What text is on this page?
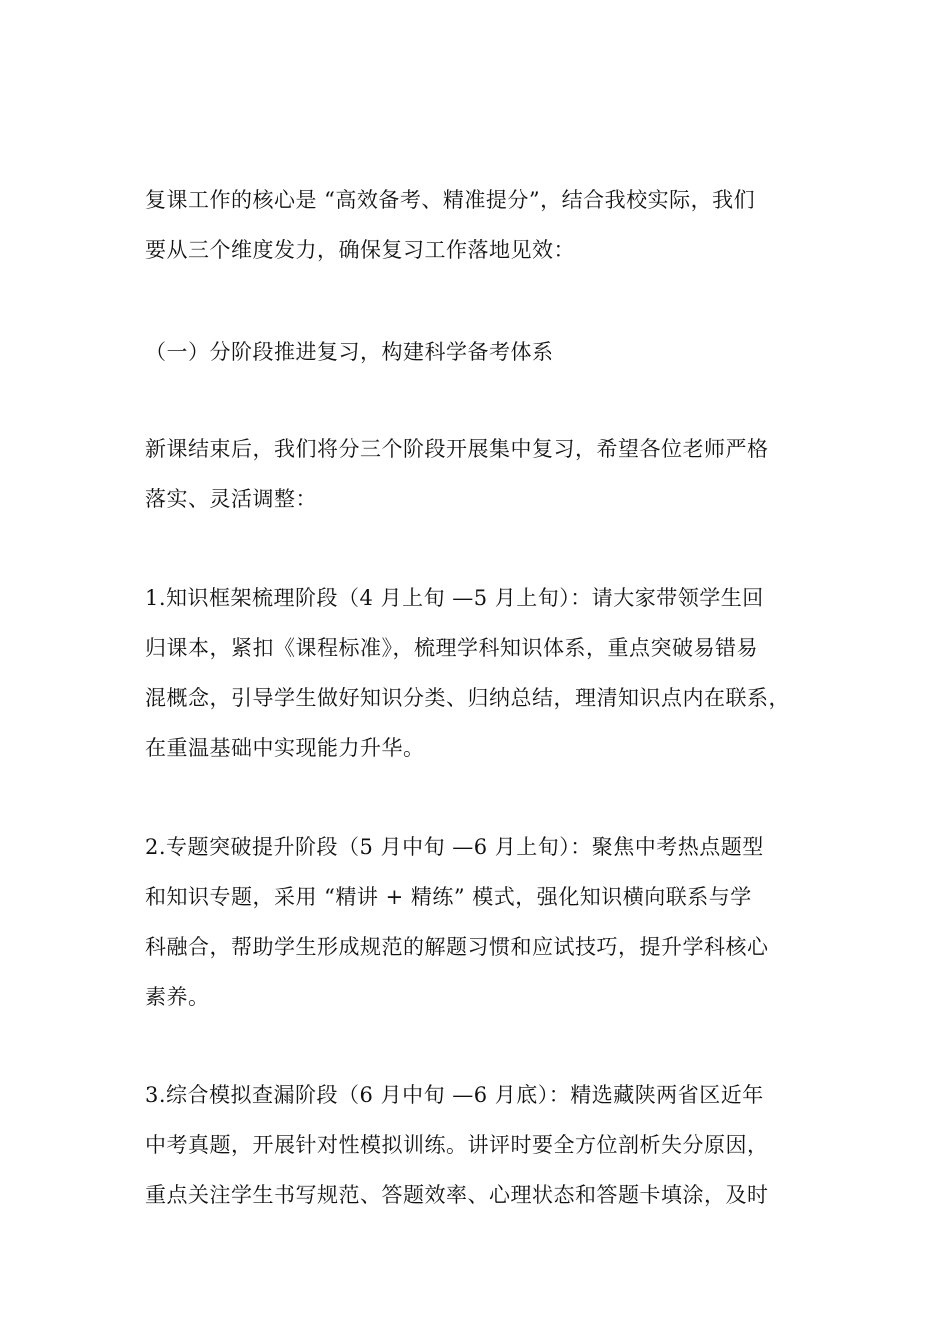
复课工作的核心是 “高效备考、精准提分”，结合我校实际，我们
要从三个维度发力，确保复习工作落地见效：
（一）分阶段推进复习，构建科学备考体系
新课结束后，我们将分三个阶段开展集中复习，希望各位老师严格
落实、灵活调整：
1.知识框架梳理阶段（4 月上旬 —5 月上旬）：请大家带领学生回
归课本，紧扣《课程标准》，梳理学科知识体系，重点突破易错易
混概念，引导学生做好知识分类、归纳总结，理清知识点内在联系，
在重温基础中实现能力升华。
2.专题突破提升阶段（5 月中旬 —6 月上旬）：聚焦中考热点题型
和知识专题，采用 “精讲 + 精练” 模式，强化知识横向联系与学
科融合，帮助学生形成规范的解题习惯和应试技巧，提升学科核心
素养。
3.综合模拟查漏阶段（6 月中旬 —6 月底）：精选藏陕两省区近年
中考真题，开展针对性模拟训练。讲评时要全方位剖析失分原因，
重点关注学生书写规范、答题效率、心理状态和答题卡填涂，及时
